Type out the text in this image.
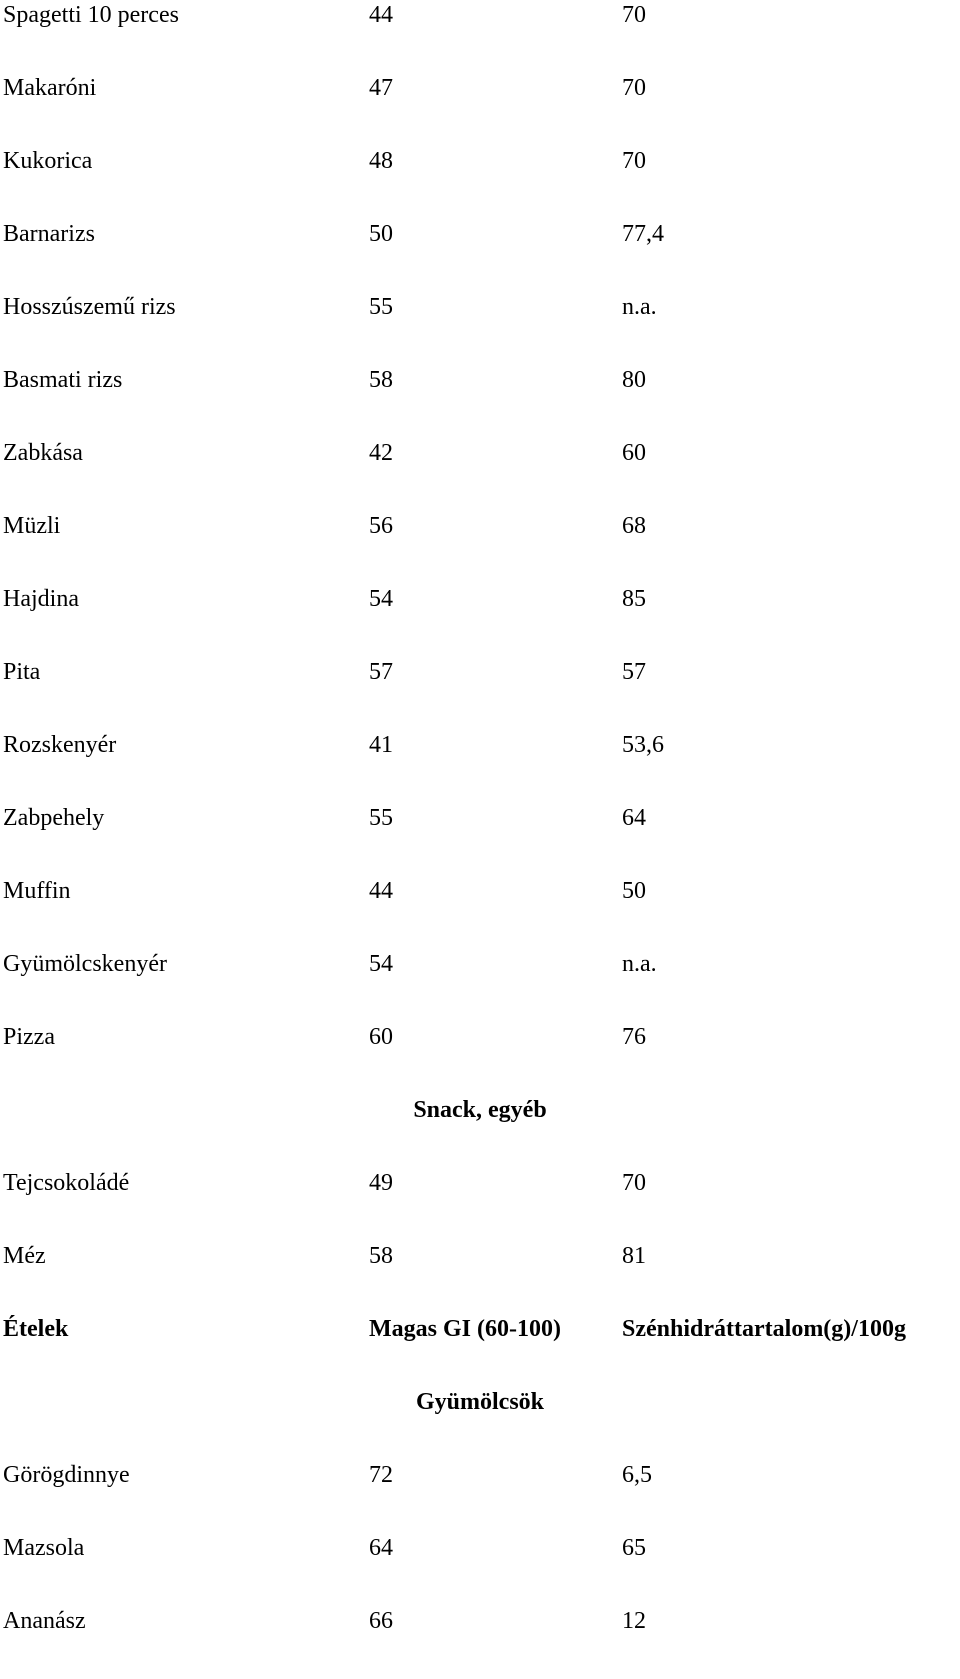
Spagetti 10 perces	44	70
Makaróni	47	70
Kukorica	48	70
Barnarizs	50	77,4
Hosszúszemű rizs	55	n.a.
Basmati rizs	58	80
Zabkása	42	60
Müzli	56	68
Hajdina	54	85
Pita	57	57
Rozskenyér	41	53,6
Zabpehely	55	64
Muffin	44	50
Gyümölcskenyér	54	n.a.
Pizza	60	76
Snack, egyéb
Tejcsokoládé	49	70
Méz	58	81
Ételek	Magas GI (60-100)	Szénhidráttartalom(g)/100g
Gyümölcsök
Görögdinnye	72	6,5
Mazsola	64	65
Ananász	66	12
